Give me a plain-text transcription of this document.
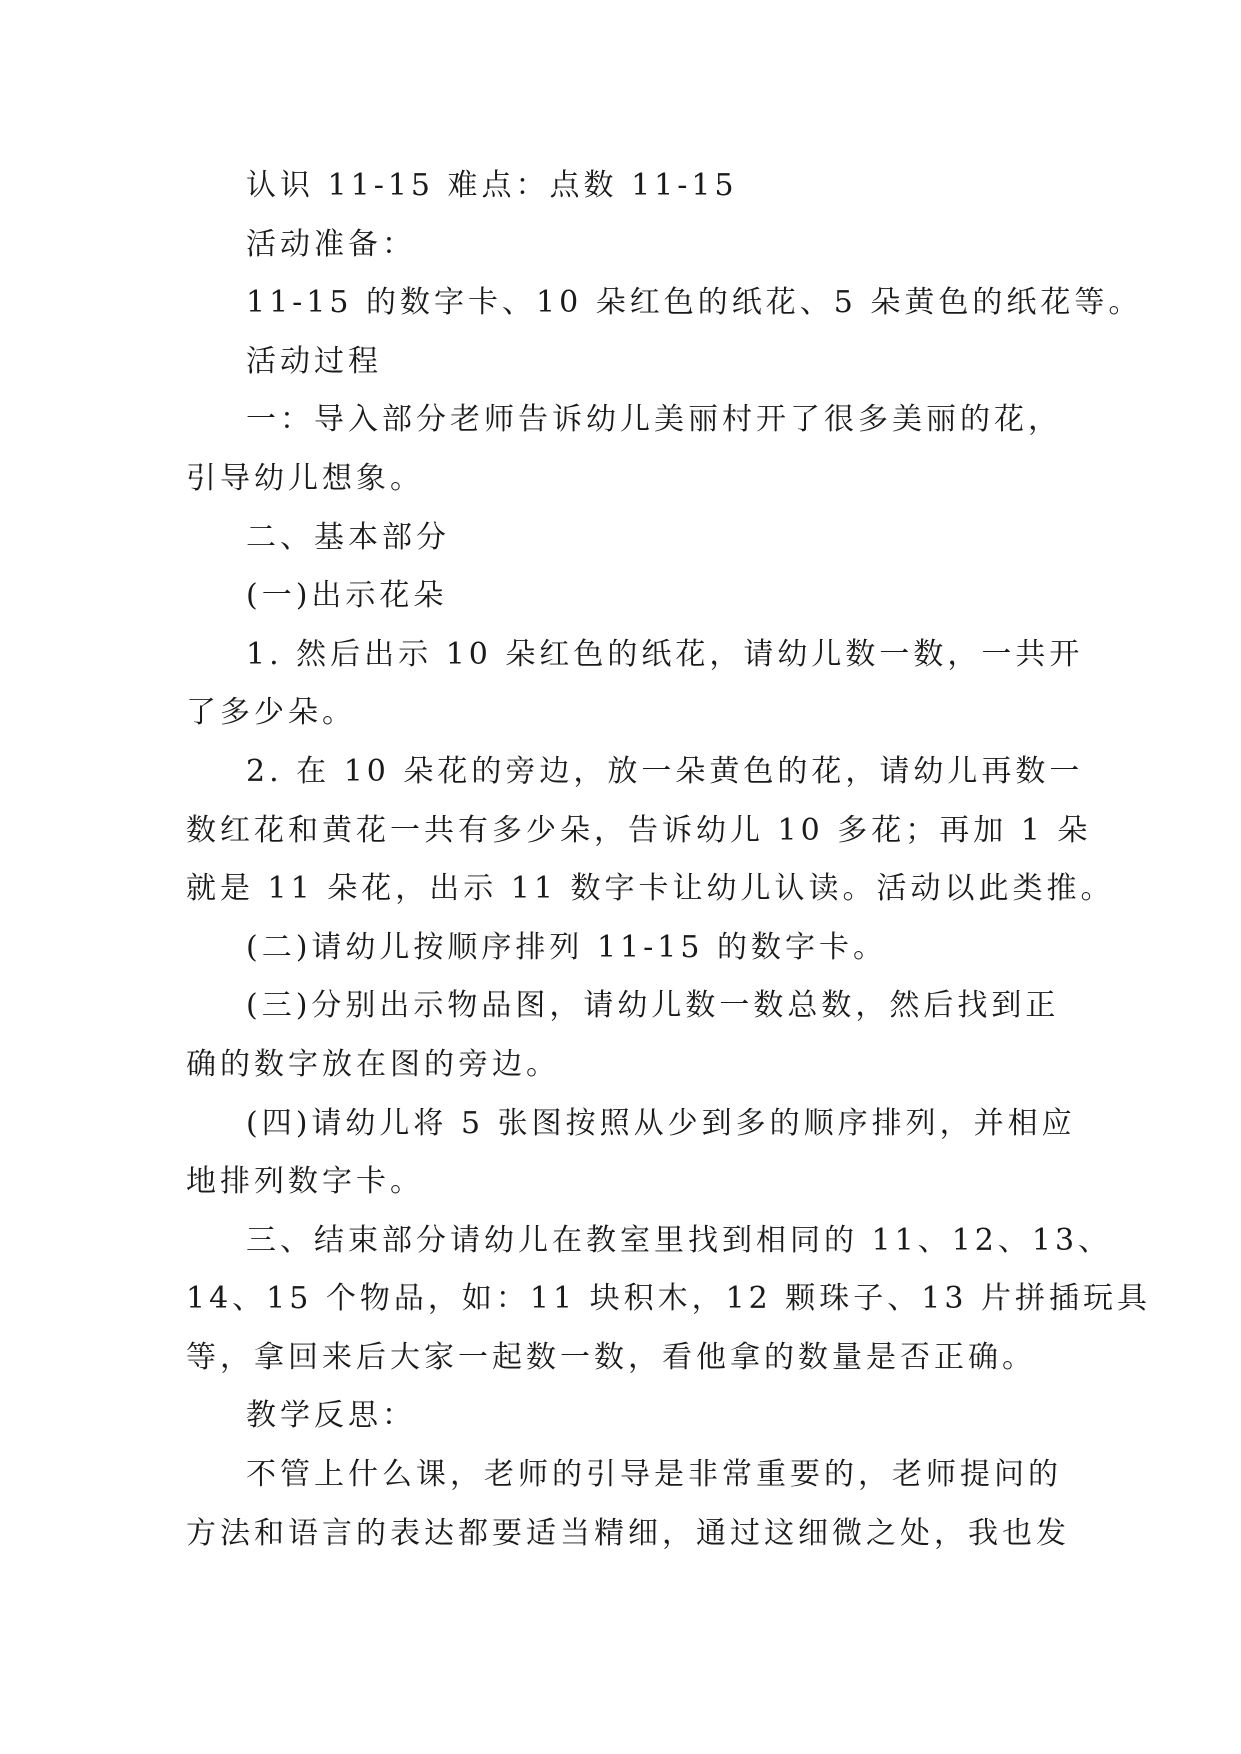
认识 11-15 难点：点数 11-15

活动准备：

11-15 的数字卡、10 朵红色的纸花、5 朵黄色的纸花等。

活动过程

一：导入部分老师告诉幼儿美丽村开了很多美丽的花，
引导幼儿想象。

二、基本部分

(一)出示花朵

1. 然后出示 10 朵红色的纸花，请幼儿数一数，一共开
了多少朵。

2. 在 10 朵花的旁边，放一朵黄色的花，请幼儿再数一
数红花和黄花一共有多少朵，告诉幼儿 10 多花；再加 1 朵
就是 11 朵花，出示 11 数字卡让幼儿认读。活动以此类推。

(二)请幼儿按顺序排列 11-15 的数字卡。

(三)分别出示物品图，请幼儿数一数总数，然后找到正
确的数字放在图的旁边。

(四)请幼儿将 5 张图按照从少到多的顺序排列，并相应
地排列数字卡。

三、结束部分请幼儿在教室里找到相同的 11、12、13、
14、15 个物品，如：11 块积木，12 颗珠子、13 片拼插玩具
等，拿回来后大家一起数一数，看他拿的数量是否正确。

教学反思：

不管上什么课，老师的引导是非常重要的，老师提问的
方法和语言的表达都要适当精细，通过这细微之处，我也发
